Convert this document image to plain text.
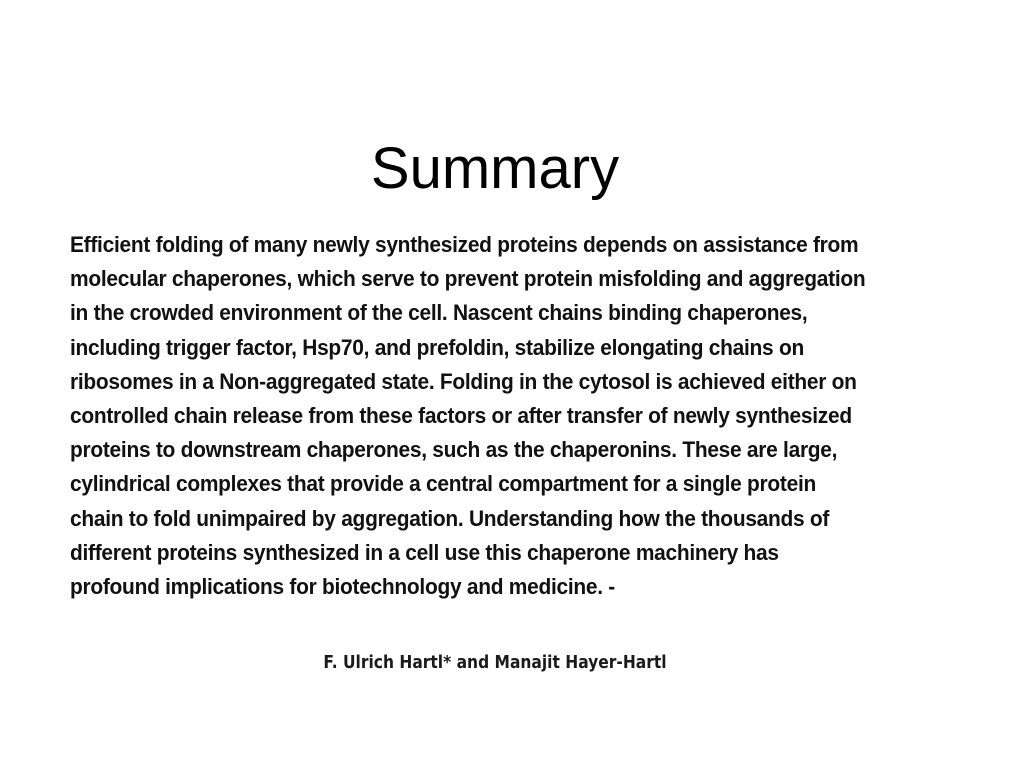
Summary
Efficient folding of many newly synthesized proteins depends on assistance from
molecular chaperones, which serve to prevent protein misfolding and aggregation
in the crowded environment of the cell. Nascent chains binding chaperones,
including trigger factor, Hsp70, and prefoldin, stabilize elongating chains on
ribosomes in a Non-aggregated state. Folding in the cytosol is achieved either on
controlled chain release from these factors or after transfer of newly synthesized
proteins to downstream chaperones, such as the chaperonins. These are large,
cylindrical complexes that provide a central compartment for a single protein
chain to fold unimpaired by aggregation. Understanding how the thousands of
different proteins synthesized in a cell use this chaperone machinery has
profound implications for biotechnology and medicine. -
F. Ulrich Hartl* and Manajit Hayer-Hartl
